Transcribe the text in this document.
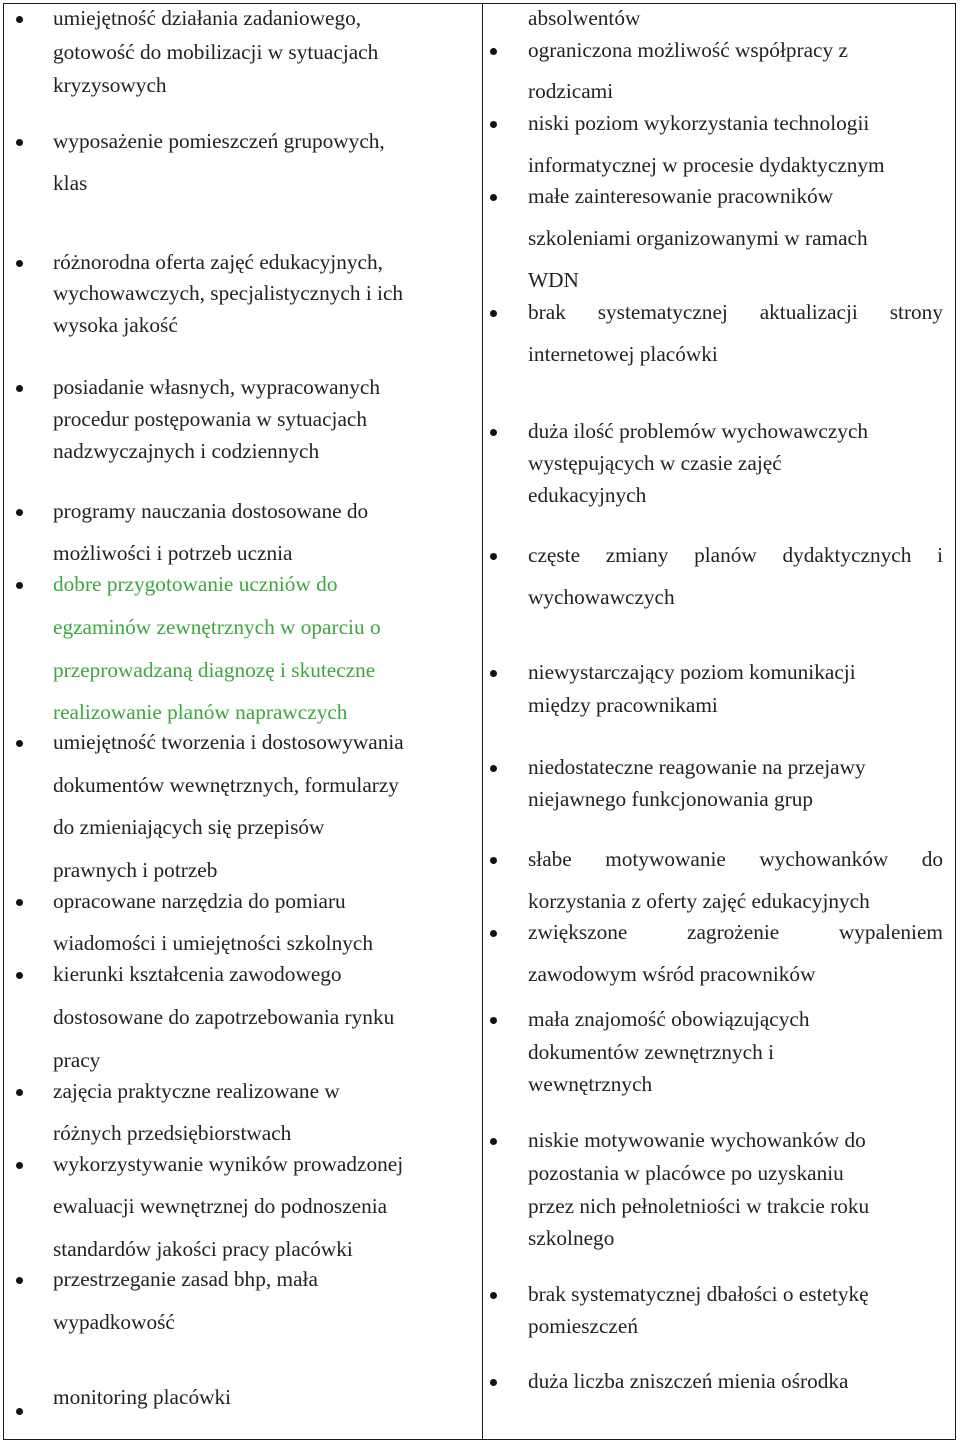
umiejętność działania zadaniowego,
gotowość do mobilizacji w sytuacjach
kryzysowych
wyposażenie pomieszczeń grupowych,
klas
różnorodna oferta zajęć edukacyjnych,
wychowawczych, specjalistycznych i ich
wysoka jakość
posiadanie własnych, wypracowanych
procedur postępowania w sytuacjach
nadzwyczajnych i codziennych
programy nauczania dostosowane do
możliwości i potrzeb ucznia
dobre przygotowanie uczniów do
egzaminów zewnętrznych w oparciu o
przeprowadzaną diagnozę i skuteczne
realizowanie planów naprawczych
umiejętność tworzenia i dostosowywania
dokumentów wewnętrznych, formularzy
do zmieniających się przepisów
prawnych i potrzeb
opracowane narzędzia do pomiaru
wiadomości i umiejętności szkolnych
kierunki kształcenia zawodowego
dostosowane do zapotrzebowania rynku
pracy
zajęcia praktyczne realizowane w
różnych przedsiębiorstwach
wykorzystywanie wyników prowadzonej
ewaluacji wewnętrznej do podnoszenia
standardów jakości pracy placówki
przestrzeganie zasad bhp, mała
wypadkowość
monitoring placówki
absolwentów
ograniczona możliwość współpracy z
rodzicami
niski poziom wykorzystania technologii
informatycznej w procesie dydaktycznym
małe zainteresowanie pracowników
szkoleniami organizowanymi w ramach
WDN
brak systematycznej aktualizacji strony
internetowej placówki
duża ilość problemów wychowawczych
występujących w czasie zajęć
edukacyjnych
częste zmiany planów dydaktycznych i
wychowawczych
niewystarczający poziom komunikacji
między pracownikami
niedostateczne reagowanie na przejawy
niejawnego funkcjonowania grup
słabe motywowanie wychowanków do
korzystania z oferty zajęć edukacyjnych
zwiększone	zagrożenie	wypaleniem
zawodowym wśród pracowników
mała znajomość obowiązujących
dokumentów zewnętrznych i
wewnętrznych
niskie motywowanie wychowanków do
pozostania w placówce po uzyskaniu
przez nich pełnoletniości w trakcie roku
szkolnego
brak systematycznej dbałości o estetykę
pomieszczeń
duża liczba zniszczeń mienia ośrodka
